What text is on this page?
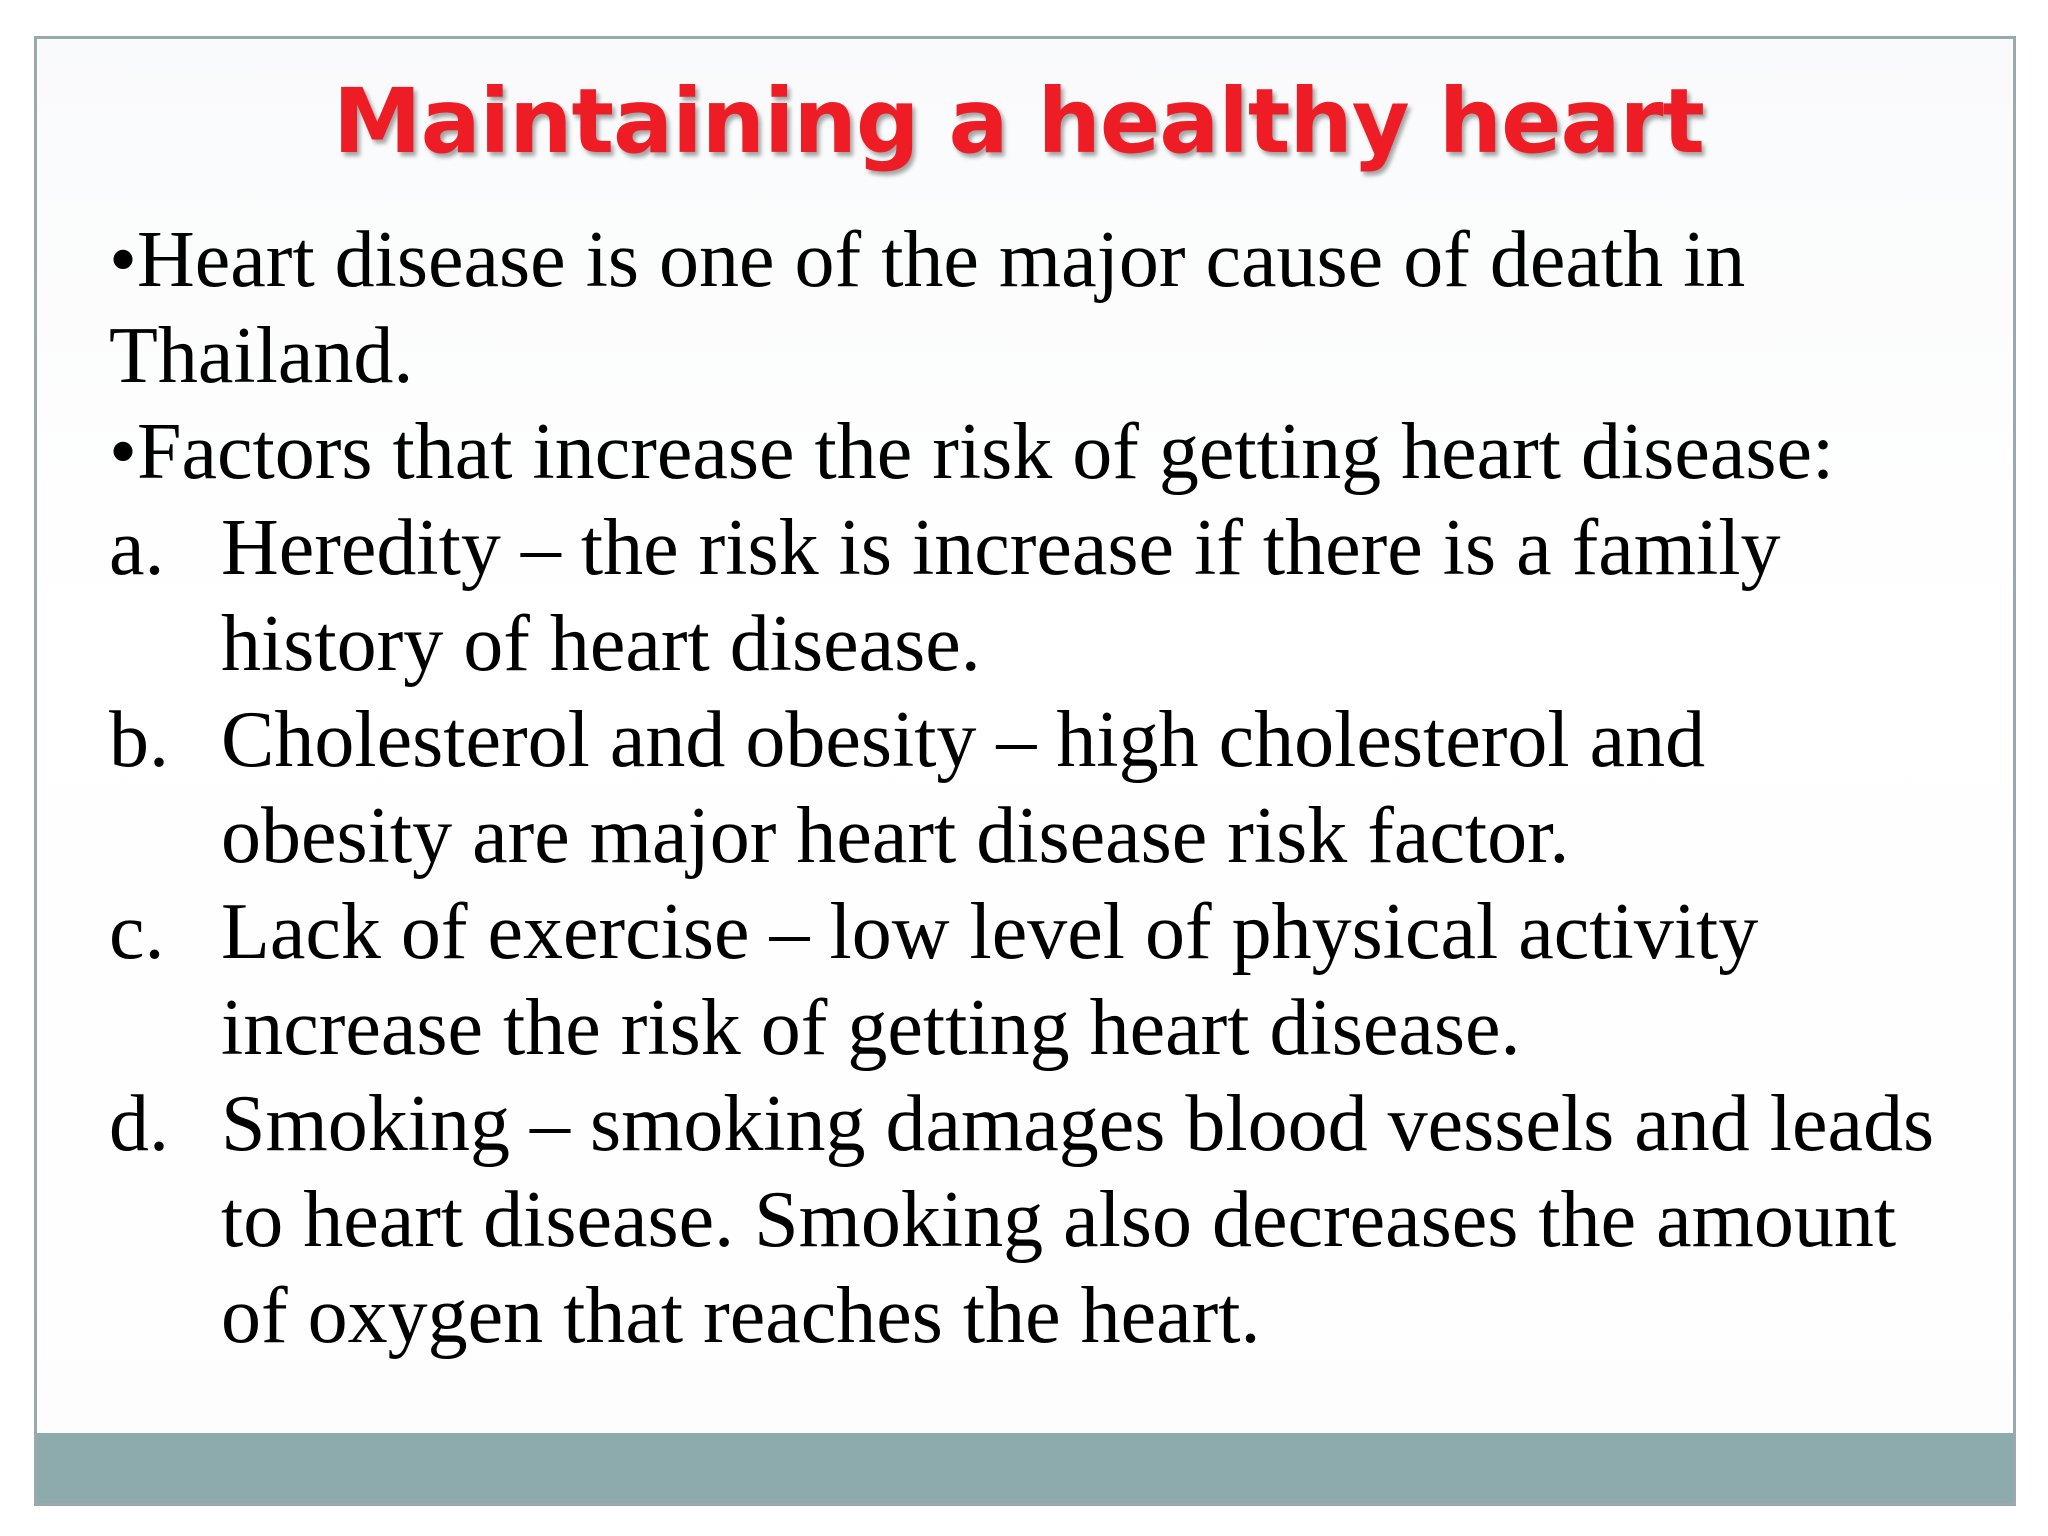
Maintaining a healthy heart

•Heart disease is one of the major cause of death in
Thailand.

•Factors that increase the risk of getting heart disease:

a. Heredity – the risk is increase if there is a family
history of heart disease.
b. Cholesterol and obesity – high cholesterol and
obesity are major heart disease risk factor.
c. Lack of exercise – low level of physical activity
increase the risk of getting heart disease.
d. Smoking – smoking damages blood vessels and leads
to heart disease. Smoking also decreases the amount
of oxygen that reaches the heart.
